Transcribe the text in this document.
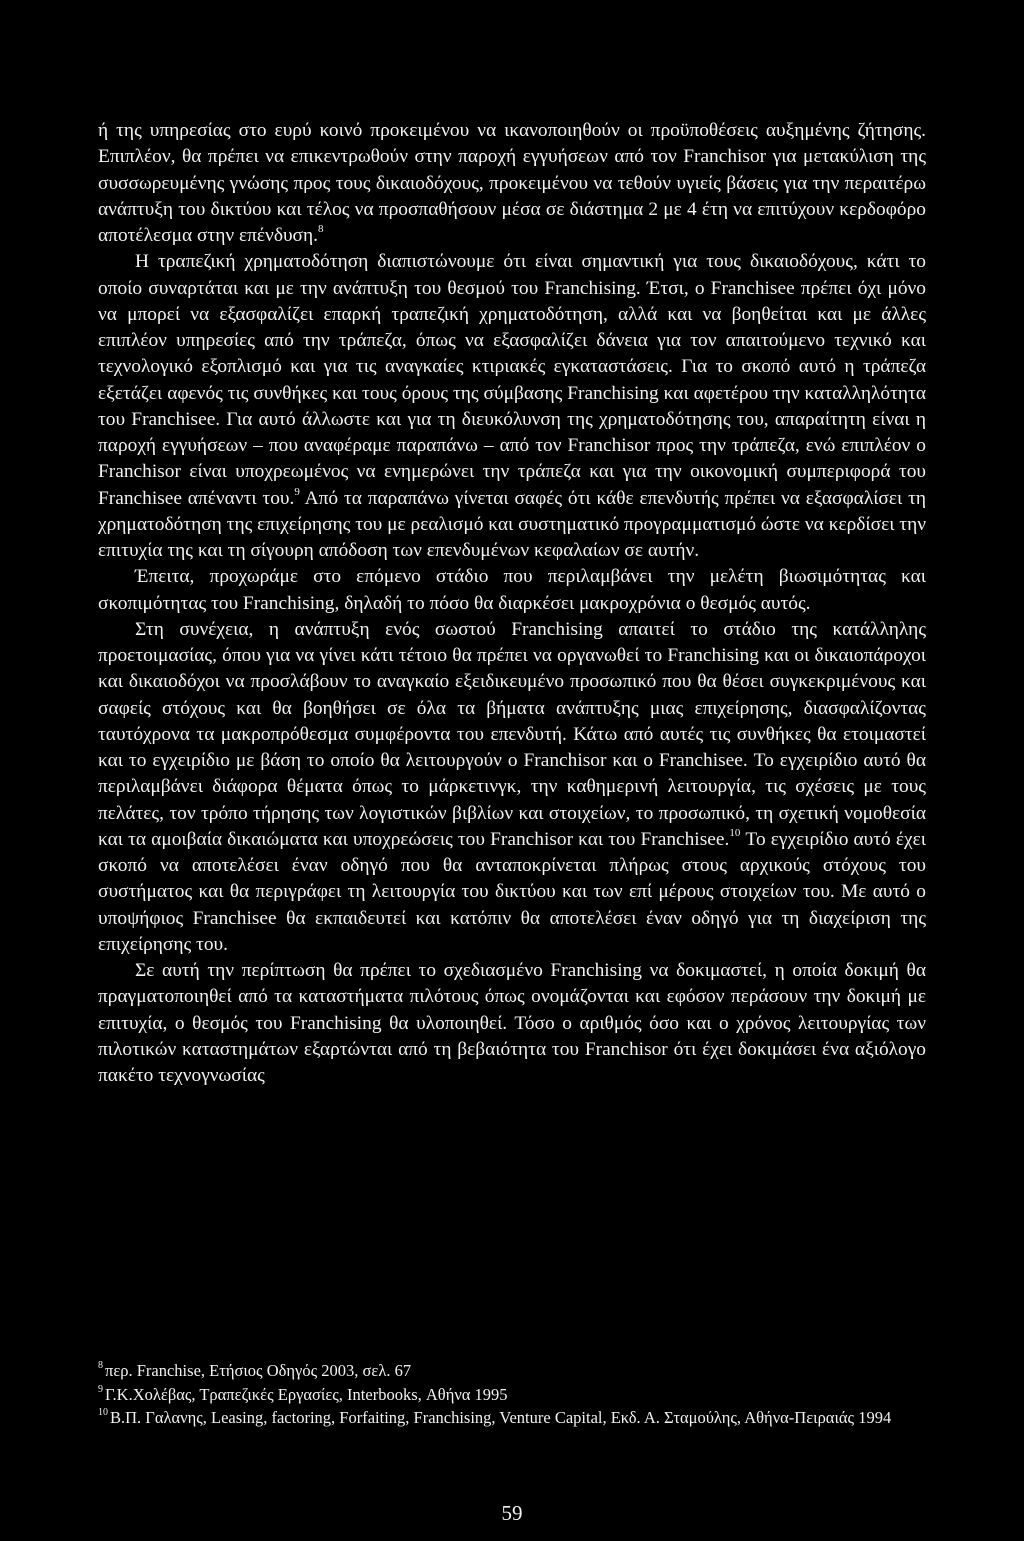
ή της υπηρεσίας στο ευρύ κοινό προκειμένου να ικανοποιηθούν οι προϋποθέσεις αυξημένης ζήτησης. Επιπλέον, θα πρέπει να επικεντρωθούν στην παροχή εγγυήσεων από τον Franchisor για μετακύλιση της συσσωρευμένης γνώσης προς τους δικαιοδόχους, προκειμένου να τεθούν υγιείς βάσεις για την περαιτέρω ανάπτυξη του δικτύου και τέλος να προσπαθήσουν μέσα σε διάστημα 2 με 4 έτη να επιτύχουν κερδοφόρο αποτέλεσμα στην επένδυση.$^8$

Η τραπεζική χρηματοδότηση διαπιστώνουμε ότι είναι σημαντική για τους δικαιοδόχους, κάτι το οποίο συναρτάται και με την ανάπτυξη του θεσμού του Franchising. Έτσι, ο Franchisee πρέπει όχι μόνο να μπορεί να εξασφαλίζει επαρκή τραπεζική χρηματοδότηση, αλλά και να βοηθείται και με άλλες επιπλέον υπηρεσίες από την τράπεζα, όπως να εξασφαλίζει δάνεια για τον απαιτούμενο τεχνικό και τεχνολογικό εξοπλισμό και για τις αναγκαίες κτιριακές εγκαταστάσεις. Για το σκοπό αυτό η τράπεζα εξετάζει αφενός τις συνθήκες και τους όρους της σύμβασης Franchising και αφετέρου την καταλληλότητα του Franchisee. Για αυτό άλλωστε και για τη διευκόλυνση της χρηματοδότησης του, απαραίτητη είναι η παροχή εγγυήσεων – που αναφέραμε παραπάνω – από τον Franchisor προς την τράπεζα, ενώ επιπλέον ο Franchisor είναι υποχρεωμένος να ενημερώνει την τράπεζα και για την οικονομική συμπεριφορά του Franchisee απέναντι του.$^9$ Από τα παραπάνω γίνεται σαφές ότι κάθε επενδυτής πρέπει να εξασφαλίσει τη χρηματοδότηση της επιχείρησης του με ρεαλισμό και συστηματικό προγραμματισμό ώστε να κερδίσει την επιτυχία της και τη σίγουρη απόδοση των επενδυμένων κεφαλαίων σε αυτήν.

Έπειτα, προχωράμε στο επόμενο στάδιο που περιλαμβάνει την μελέτη βιωσιμότητας και σκοπιμότητας του Franchising, δηλαδή το πόσο θα διαρκέσει μακροχρόνια ο θεσμός αυτός.

Στη συνέχεια, η ανάπτυξη ενός σωστού Franchising απαιτεί το στάδιο της κατάλληλης προετοιμασίας, όπου για να γίνει κάτι τέτοιο θα πρέπει να οργανωθεί το Franchising και οι δικαιοπάροχοι και δικαιοδόχοι να προσλάβουν το αναγκαίο εξειδικευμένο προσωπικό που θα θέσει συγκεκριμένους και σαφείς στόχους και θα βοηθήσει σε όλα τα βήματα ανάπτυξης μιας επιχείρησης, διασφαλίζοντας ταυτόχρονα τα μακροπρόθεσμα συμφέροντα του επενδυτή. Κάτω από αυτές τις συνθήκες θα ετοιμαστεί και το εγχειρίδιο με βάση το οποίο θα λειτουργούν ο Franchisor και ο Franchisee. Το εγχειρίδιο αυτό θα περιλαμβάνει διάφορα θέματα όπως το μάρκετινγκ, την καθημερινή λειτουργία, τις σχέσεις με τους πελάτες, τον τρόπο τήρησης των λογιστικών βιβλίων και στοιχείων, το προσωπικό, τη σχετική νομοθεσία και τα αμοιβαία δικαιώματα και υποχρεώσεις του Franchisor και του Franchisee.$^{10}$ Το εγχειρίδιο αυτό έχει σκοπό να αποτελέσει έναν οδηγό που θα ανταποκρίνεται πλήρως στους αρχικούς στόχους του συστήματος και θα περιγράφει τη λειτουργία του δικτύου και των επί μέρους στοιχείων του. Με αυτό ο υποψήφιος Franchisee θα εκπαιδευτεί και κατόπιν θα αποτελέσει έναν οδηγό για τη διαχείριση της επιχείρησης του.

Σε αυτή την περίπτωση θα πρέπει το σχεδιασμένο Franchising να δοκιμαστεί, η οποία δοκιμή θα πραγματοποιηθεί από τα καταστήματα πιλότους όπως ονομάζονται και εφόσον περάσουν την δοκιμή με επιτυχία, ο θεσμός του Franchising θα υλοποιηθεί. Τόσο ο αριθμός όσο και ο χρόνος λειτουργίας των πιλοτικών καταστημάτων εξαρτώνται από τη βεβαιότητα του Franchisor ότι έχει δοκιμάσει ένα αξιόλογο πακέτο τεχνογνωσίας

$^8$ περ. Franchise, Ετήσιος Οδηγός 2003, σελ. 67

$^9$ Γ.Κ.Χολέβας, Τραπεζικές Εργασίες, Interbooks, Αθήνα 1995

$^{10}$ Β.Π. Γαλανης, Leasing, factoring, Forfaiting, Franchising, Venture Capital, Εκδ. Α. Σταμούλης, Αθήνα-Πειραιάς 1994

59
